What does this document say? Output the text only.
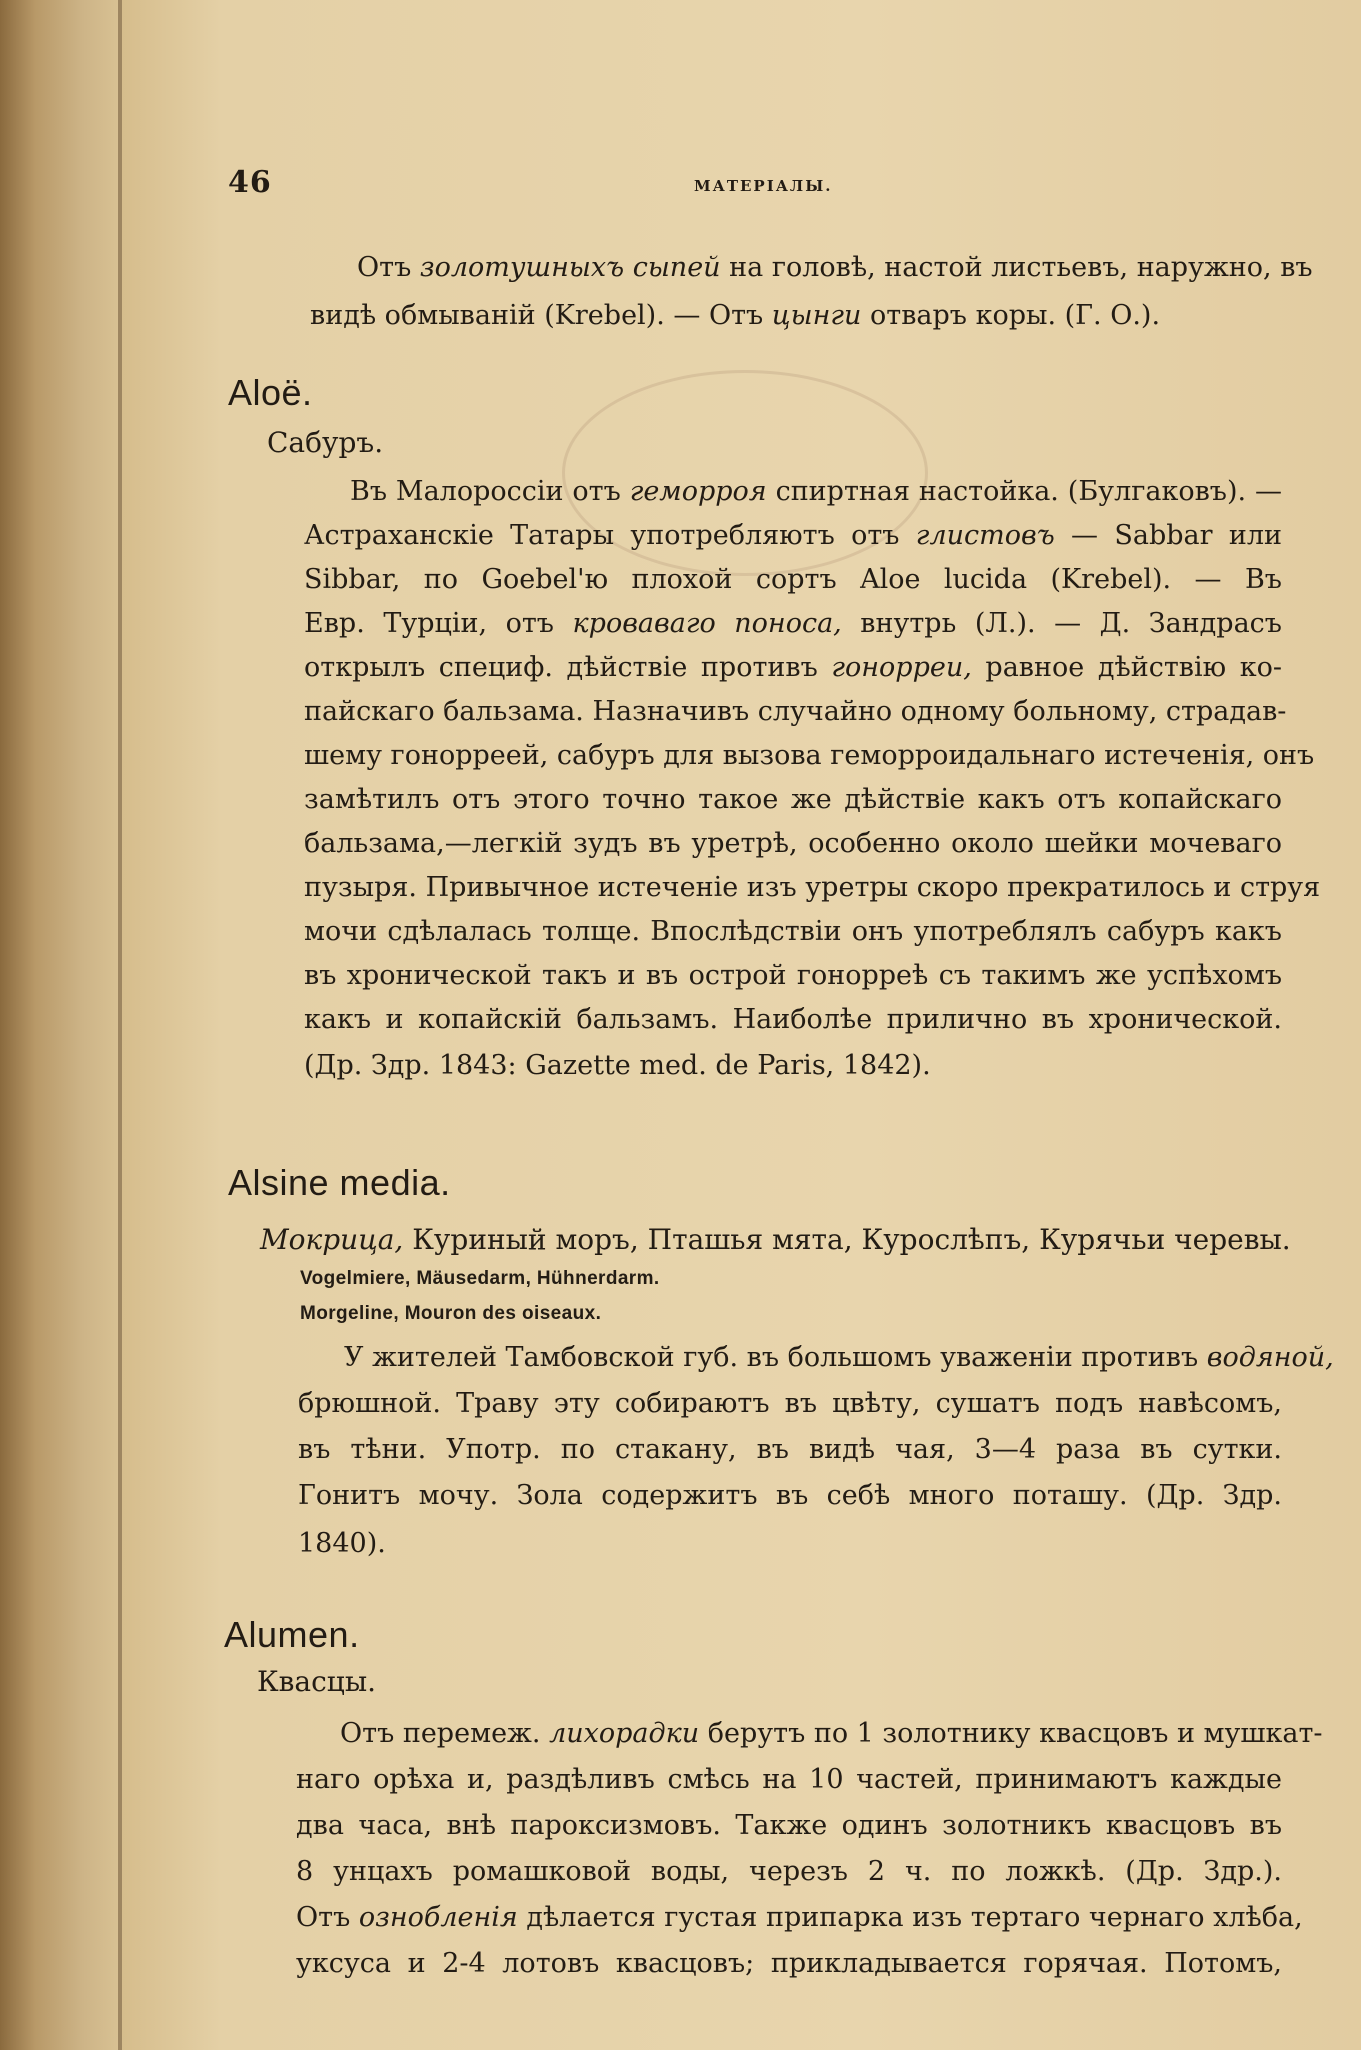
46	МАТЕРІАЛЫ.
Отъ золотушныхъ сыпей на головѣ, настой листьевъ, наружно, въ
видѣ обмыванiй (Krebel). — Отъ цынги отваръ коры. (Г. О.).
Aloë.
Сабуръ.
Въ Малороссiи отъ геморроя спиртная настойка. (Булгаковъ). —
Астраханскiе Татары употребляютъ отъ глистовъ — Sabbar или
Sibbar, по Goebel'ю плохой сортъ Aloe lucida (Krebel). — Въ
Евр. Турцiи, отъ кроваваго поноса, внутрь (Л.). — Д. Зандрасъ
открылъ специф. дѣйствiе противъ гонорреи, равное дѣйствiю ко-
пайскаго бальзама. Назначивъ случайно одному больному, страдав-
шему гонорреей, сабуръ для вызова геморроидальнаго истеченiя, онъ
замѣтилъ отъ этого точно такое же дѣйствiе какъ отъ копайскаго
бальзама,—легкiй зудъ въ уретрѣ, особенно около шейки мочеваго
пузыря. Привычное истеченiе изъ уретры скоро прекратилось и струя
мочи сдѣлалась толще. Впослѣдствiи онъ употреблялъ сабуръ какъ
въ хронической такъ и въ острой гонорреѣ съ такимъ же успѣхомъ
какъ и копайскiй бальзамъ. Наиболѣе прилично въ хронической.
(Др. Здр. 1843: Gazette med. de Paris, 1842).
Alsine media.
Мокрица, Куриный моръ, Пташья мята, Курослѣпъ, Курячьи черевы.
Vogelmiere, Mäusedarm, Hühnerdarm.
Morgeline, Mouron des oiseaux.
У жителей Тамбовской губ. въ большомъ уваженiи противъ водяной,
брюшной. Траву эту собираютъ въ цвѣту, сушатъ подъ навѣсомъ,
въ тѣни. Употр. по стакану, въ видѣ чая, 3—4 раза въ сутки.
Гонитъ мочу. Зола содержитъ въ себѣ много поташу. (Др. Здр.
1840).
Alumen.
Квасцы.
Отъ перемеж. лихорадки берутъ по 1 золотнику квасцовъ и мушкат-
наго орѣха и, раздѣливъ смѣсь на 10 частей, принимаютъ каждые
два часа, внѣ пароксизмовъ. Также одинъ золотникъ квасцовъ въ
8 унцахъ ромашковой воды, черезъ 2 ч. по ложкѣ. (Др. Здр.).
Отъ ознобленiя дѣлается густая припарка изъ тертаго чернаго хлѣба,
уксуса и 2-4 лотовъ квасцовъ; прикладывается горячая. Потомъ,
